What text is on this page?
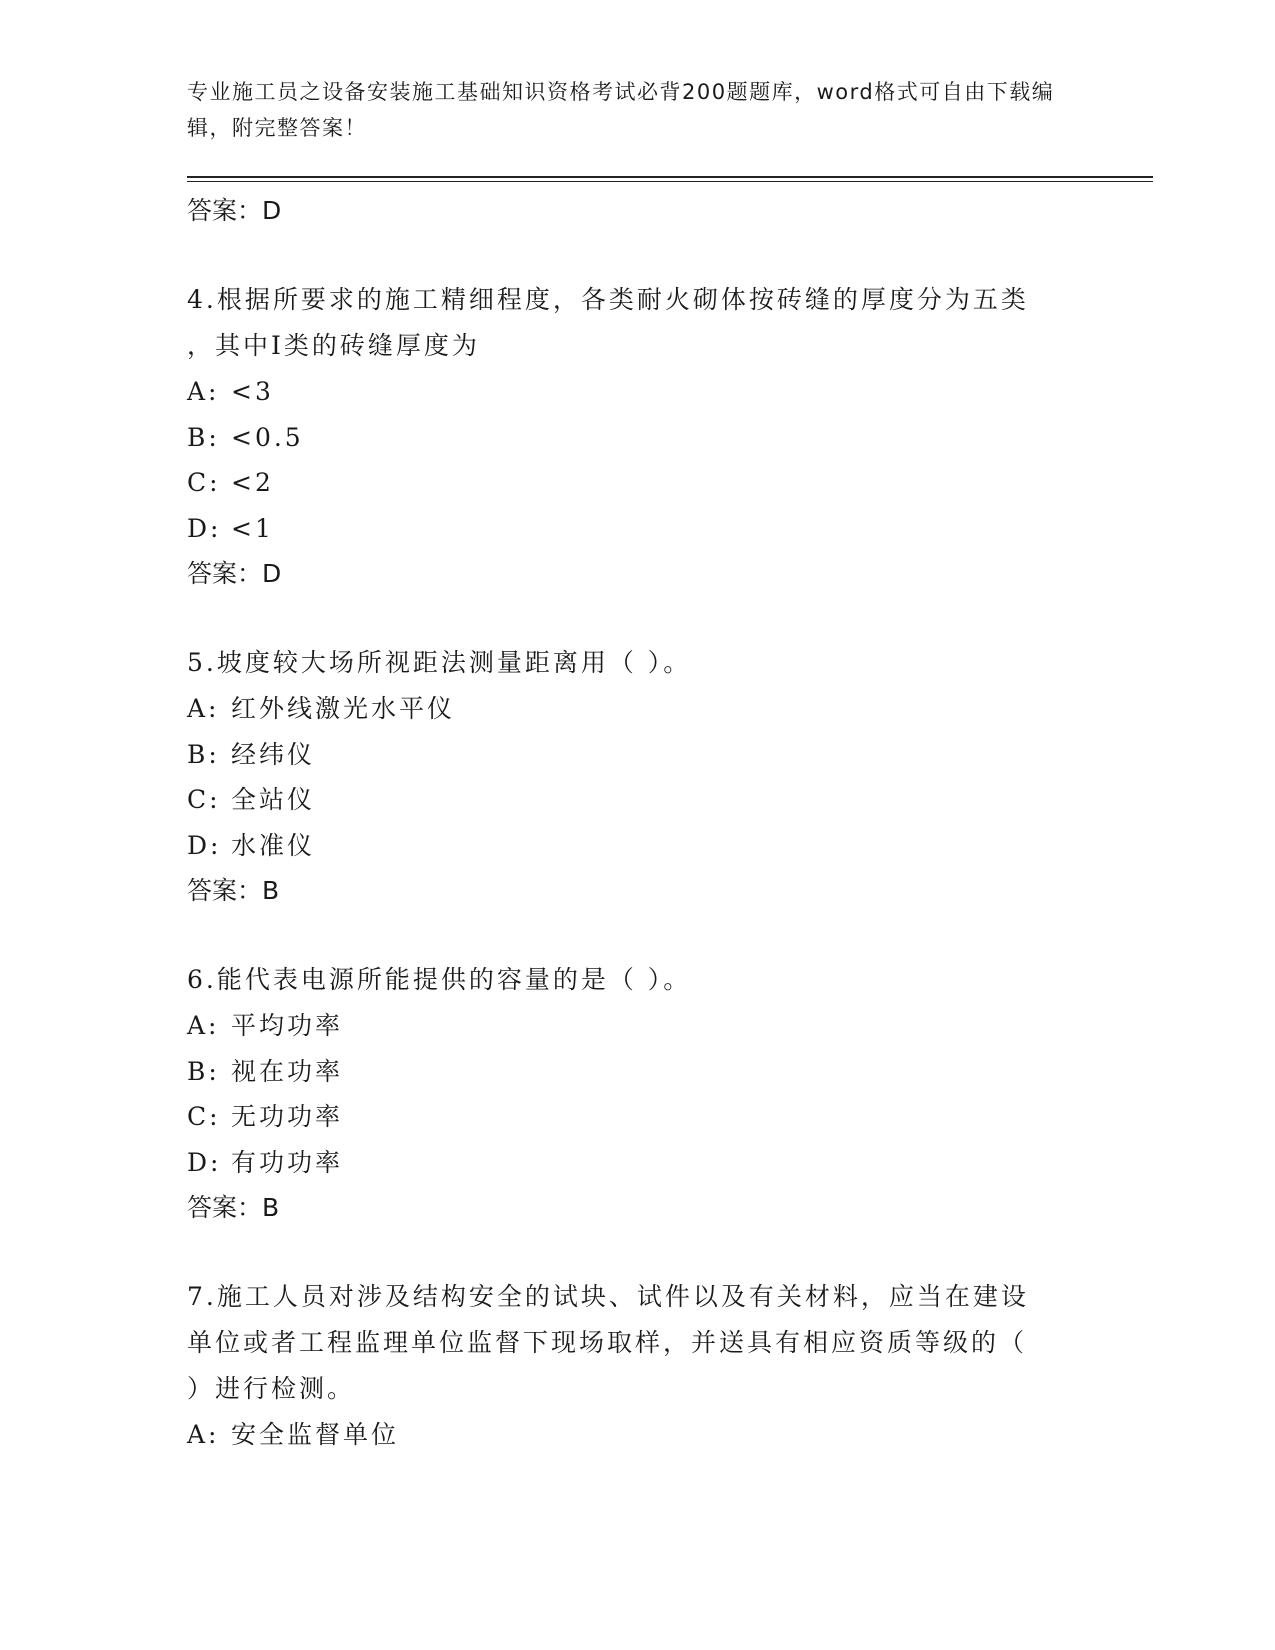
专业施工员之设备安装施工基础知识资格考试必背200题题库，word格式可自由下载编辑，附完整答案！

答案：D

4.根据所要求的施工精细程度，各类耐火砌体按砖缝的厚度分为五类

，其中Ⅰ类的砖缝厚度为

A: <3

B: <0.5

C: <2

D: <1

答案：D

5.坡度较大场所视距法测量距离用（ ）。

A: 红外线激光水平仪

B: 经纬仪

C: 全站仪

D: 水准仪

答案：B

6.能代表电源所能提供的容量的是（ ）。

A: 平均功率

B: 视在功率

C: 无功功率

D: 有功功率

答案：B

7.施工人员对涉及结构安全的试块、试件以及有关材料，应当在建设

单位或者工程监理单位监督下现场取样，并送具有相应资质等级的（

）进行检测。

A: 安全监督单位
